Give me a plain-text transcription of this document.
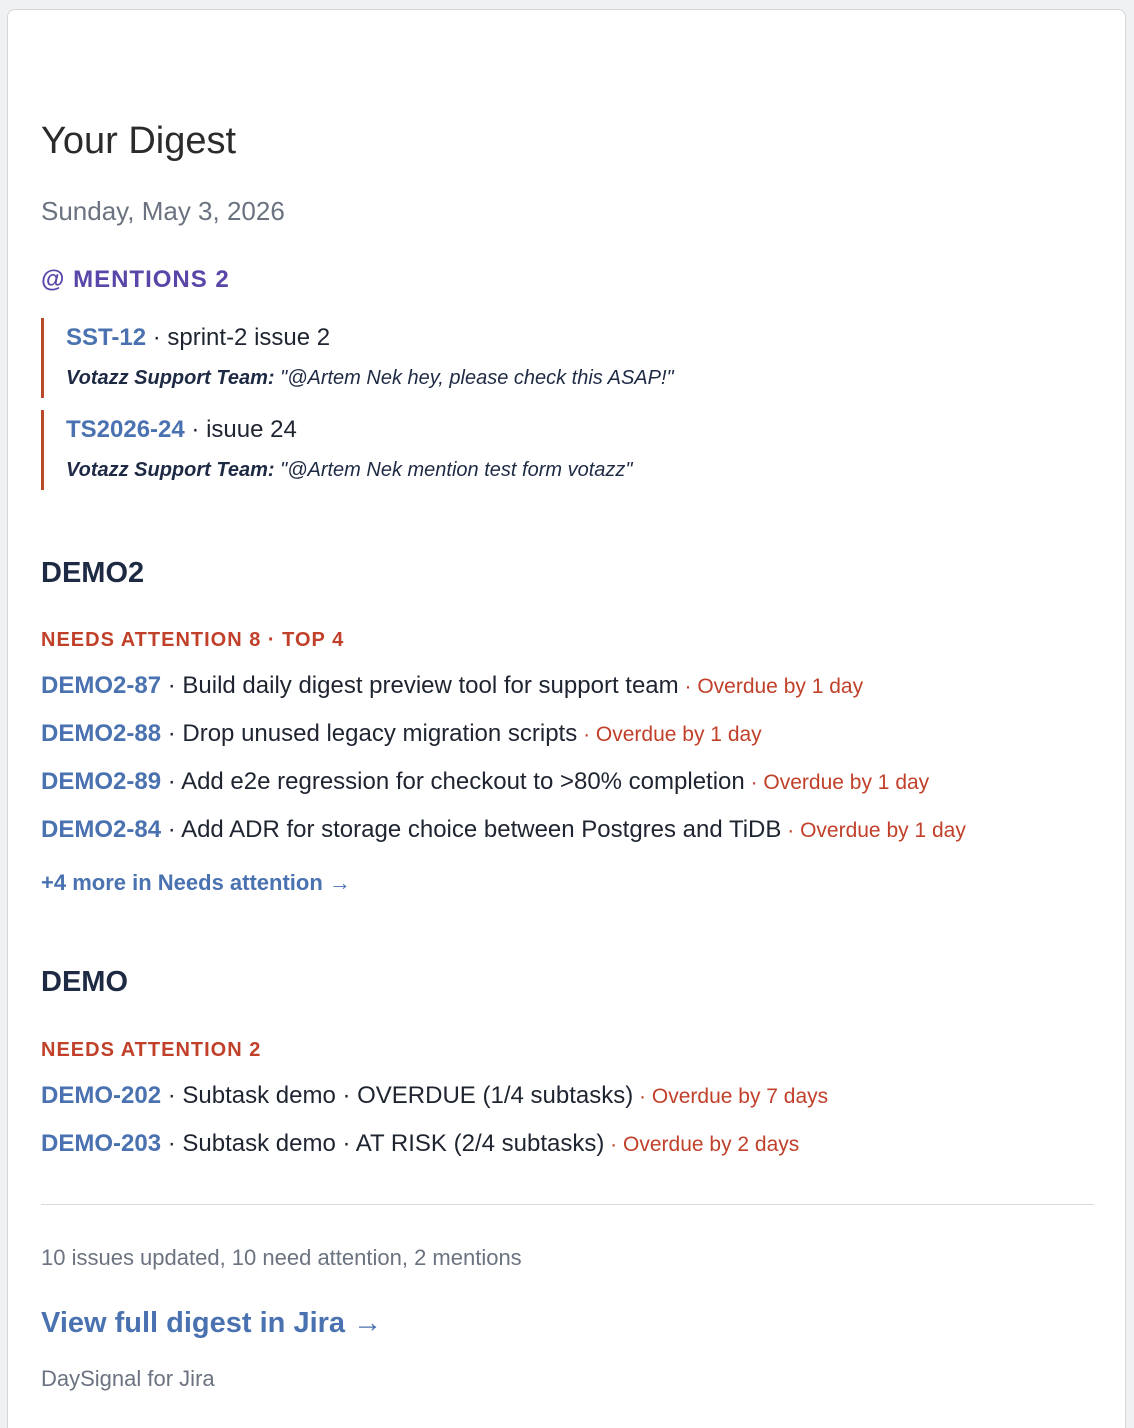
Your Digest
Sunday, May 3, 2026
@ MENTIONS 2
SST-12 · sprint-2 issue 2
Votazz Support Team: "@Artem Nek hey, please check this ASAP!"
TS2026-24 · isuue 24
Votazz Support Team: "@Artem Nek mention test form votazz"
DEMO2
NEEDS ATTENTION 8 · TOP 4
DEMO2-87 · Build daily digest preview tool for support team · Overdue by 1 day
DEMO2-88 · Drop unused legacy migration scripts · Overdue by 1 day
DEMO2-89 · Add e2e regression for checkout to >80% completion · Overdue by 1 day
DEMO2-84 · Add ADR for storage choice between Postgres and TiDB · Overdue by 1 day
+4 more in Needs attention →
DEMO
NEEDS ATTENTION 2
DEMO-202 · Subtask demo · OVERDUE (1/4 subtasks) · Overdue by 7 days
DEMO-203 · Subtask demo · AT RISK (2/4 subtasks) · Overdue by 2 days
10 issues updated, 10 need attention, 2 mentions
View full digest in Jira →
DaySignal for Jira
